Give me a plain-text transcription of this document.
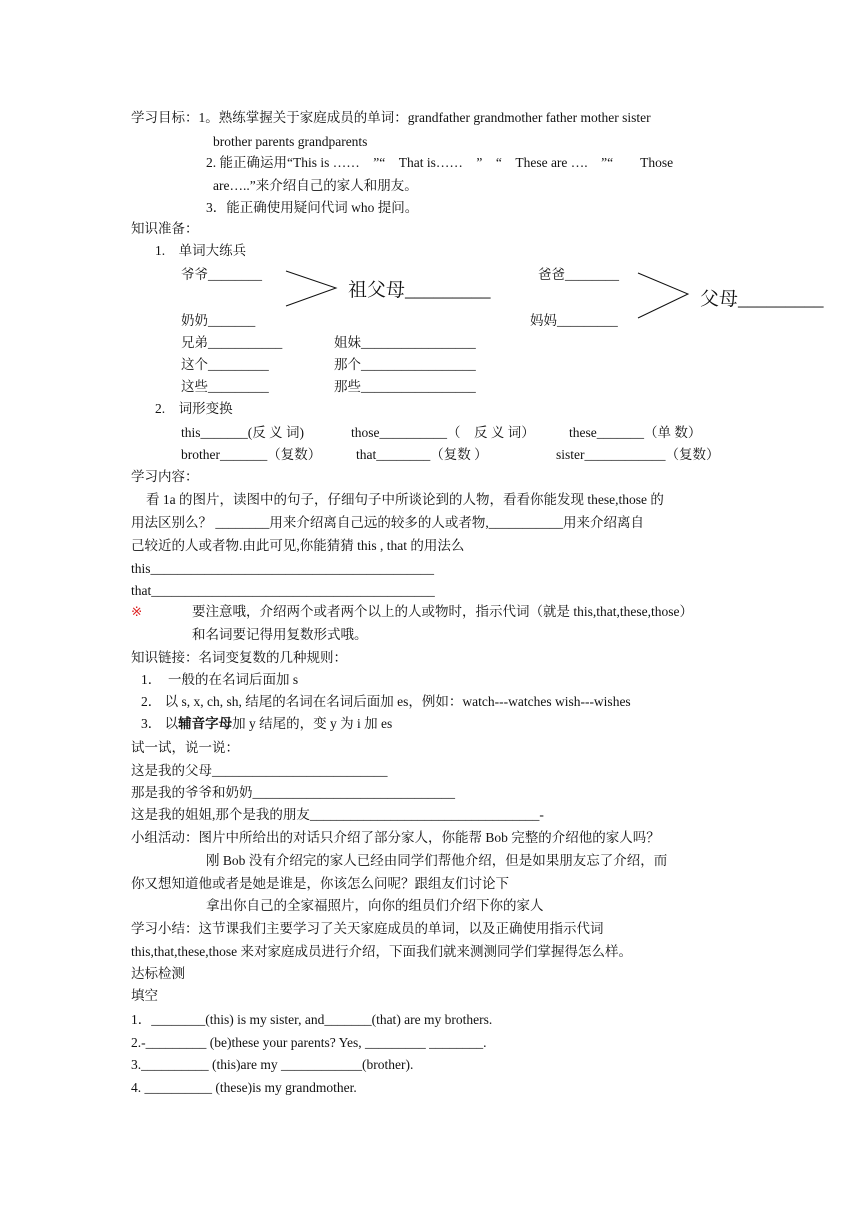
学习目标：1。熟练掌握关于家庭成员的单词：grandfather grandmother father mother sister
brother parents grandparents
2. 能正确运用“This is ……　”“　That is……　”　“　These are ….　”“　　Those
are…..”来介绍自己的家人和朋友。
3．能正确使用疑问代词 who 提问。
知识准备：
1.　单词大练兵
爷爷________
奶奶_______
祖父母_________
爸爸________
妈妈_________
父母_________
兄弟___________	姐妹_________________
这个_________	那个_________________
这些_________	那些_________________
2.　词形变换
this_______(反 义 词)	those__________（　反 义 词）	these_______（单 数）
brother_______（复数）	that________（复数 ）	sister____________（复数）
学习内容：
看 1a 的图片，读图中的句子，仔细句子中所谈论到的人物，看看你能发现 these,those 的
用法区别么？ ________用来介绍离自己远的较多的人或者物,___________用来介绍离自
己较近的人或者物.由此可见,你能猜猜 this , that 的用法么
this__________________________________________
that__________________________________________
※	要注意哦，介绍两个或者两个以上的人或物时，指示代词（就是 this,that,these,those）
和名词要记得用复数形式哦。
知识链接：名词变复数的几种规则：
1．　一般的在名词后面加 s
2． 以 s, x, ch, sh, 结尾的名词在名词后面加 es，例如：watch---watches wish---wishes
3． 以辅音字母加 y 结尾的，变 y 为 i 加 es
试一试，说一说：
这是我的父母__________________________
那是我的爷爷和奶奶______________________________
这是我的姐姐,那个是我的朋友__________________________________-
小组活动：图片中所给出的对话只介绍了部分家人，你能帮 Bob 完整的介绍他的家人吗？
刚 Bob 没有介绍完的家人已经由同学们帮他介绍，但是如果朋友忘了介绍，而
你又想知道他或者是她是谁是，你该怎么问呢？跟组友们讨论下
拿出你自己的全家福照片，向你的组员们介绍下你的家人
学习小结：这节课我们主要学习了关天家庭成员的单词，以及正确使用指示代词
this,that,these,those 来对家庭成员进行介绍，下面我们就来测测同学们掌握得怎么样。
达标检测
填空
1．________(this) is my sister, and_______(that) are my brothers.
2.-_________ (be)these your parents? Yes, _________ ________.
3.__________ (this)are my ____________(brother).
4. __________ (these)is my grandmother.
